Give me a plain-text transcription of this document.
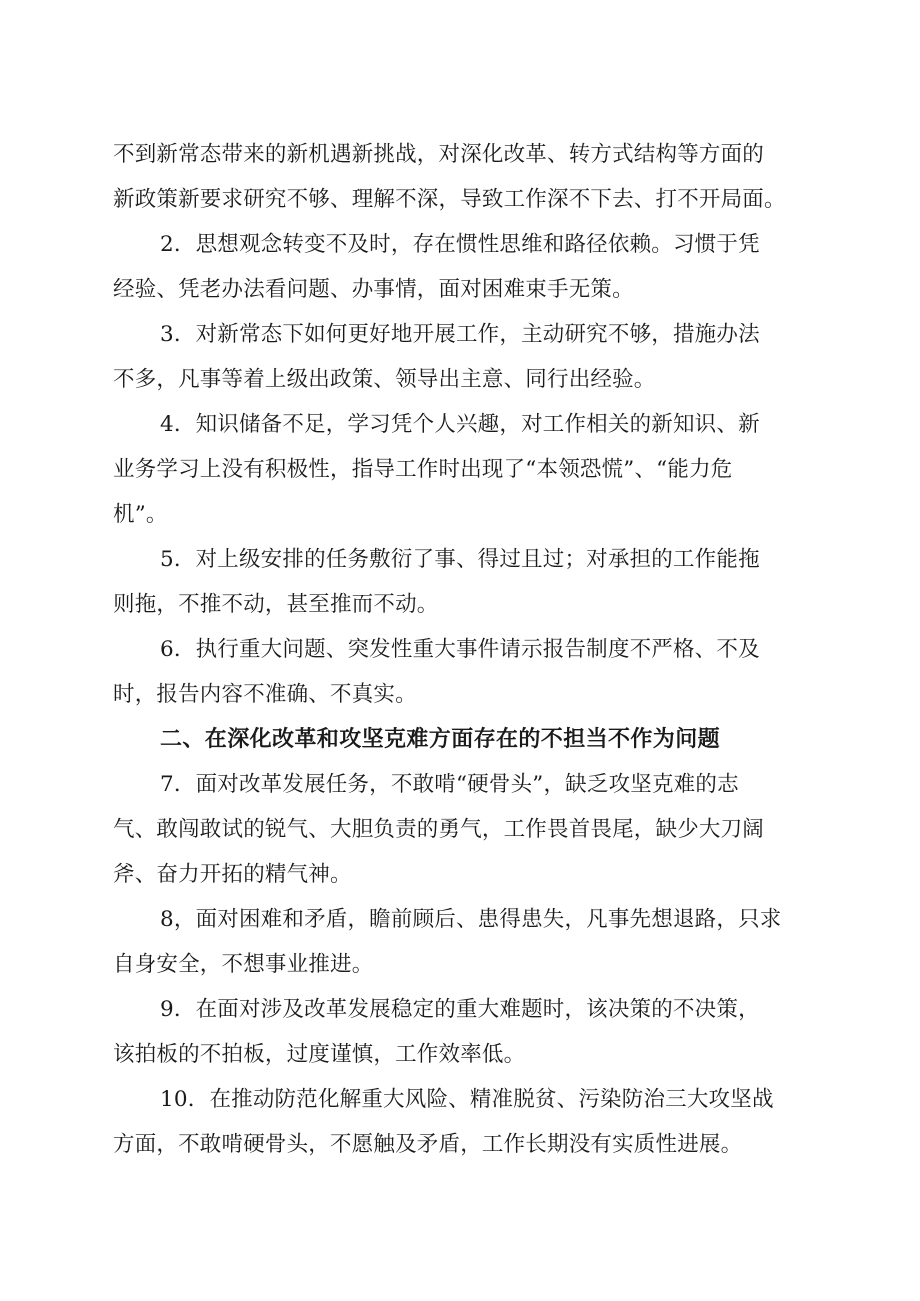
不到新常态带来的新机遇新挑战，对深化改革、转方式结构等方面的
新政策新要求研究不够、理解不深，导致工作深不下去、打不开局面。
2．思想观念转变不及时，存在惯性思维和路径依赖。习惯于凭
经验、凭老办法看问题、办事情，面对困难束手无策。
3．对新常态下如何更好地开展工作，主动研究不够，措施办法
不多，凡事等着上级出政策、领导出主意、同行出经验。
4．知识储备不足，学习凭个人兴趣，对工作相关的新知识、新
业务学习上没有积极性，指导工作时出现了“本领恐慌”、“能力危
机”。
5．对上级安排的任务敷衍了事、得过且过；对承担的工作能拖
则拖，不推不动，甚至推而不动。
6．执行重大问题、突发性重大事件请示报告制度不严格、不及
时，报告内容不准确、不真实。
二、在深化改革和攻坚克难方面存在的不担当不作为问题
7．面对改革发展任务，不敢啃“硬骨头”，缺乏攻坚克难的志
气、敢闯敢试的锐气、大胆负责的勇气，工作畏首畏尾，缺少大刀阔
斧、奋力开拓的精气神。
8，面对困难和矛盾，瞻前顾后、患得患失，凡事先想退路，只求
自身安全，不想事业推进。
9．在面对涉及改革发展稳定的重大难题时，该决策的不决策，
该拍板的不拍板，过度谨慎，工作效率低。
10．在推动防范化解重大风险、精准脱贫、污染防治三大攻坚战
方面，不敢啃硬骨头，不愿触及矛盾，工作长期没有实质性进展。
